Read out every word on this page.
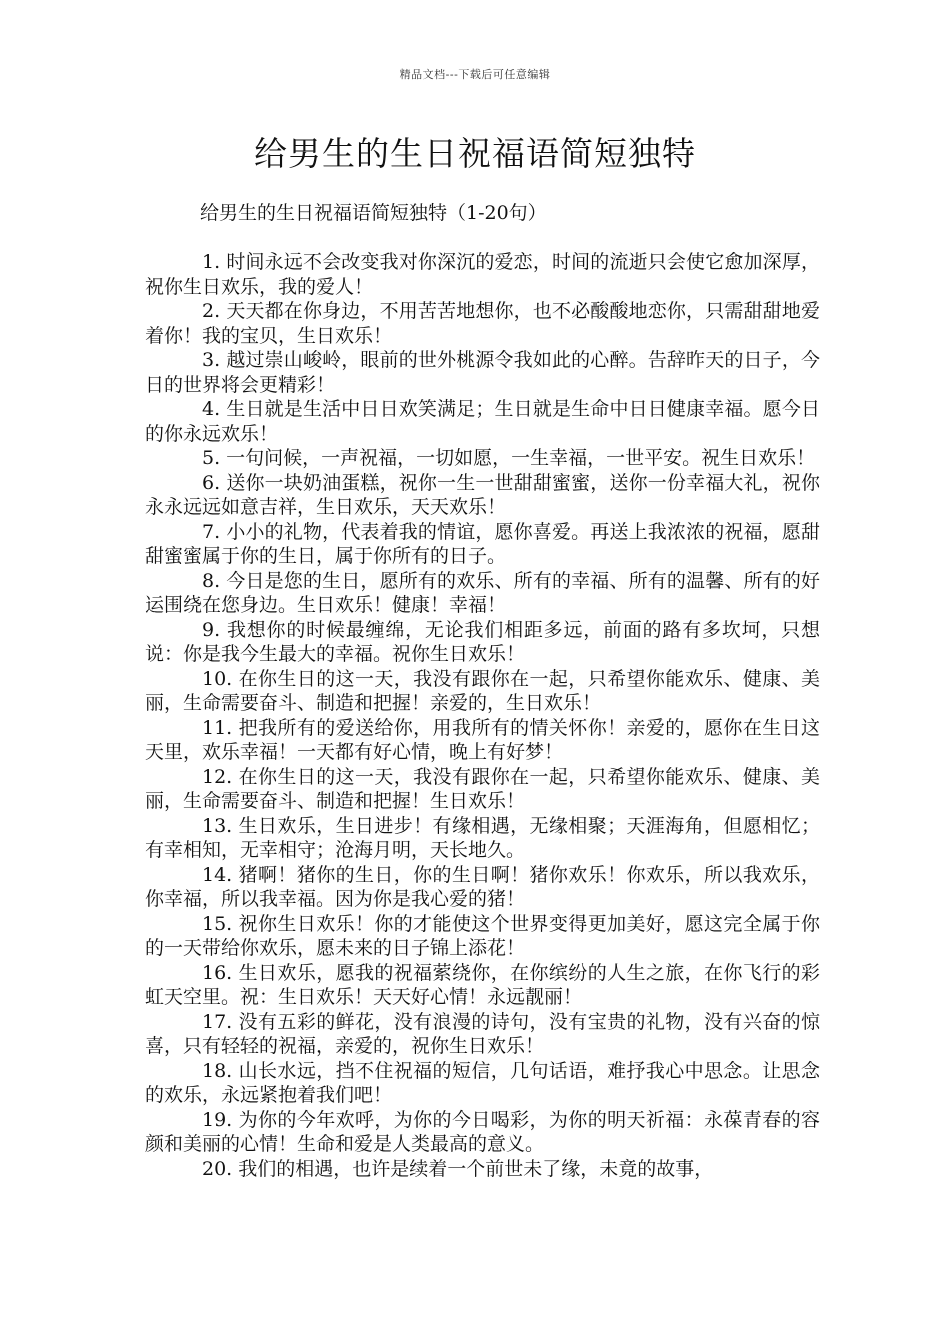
精品文档---下载后可任意编辑
给男生的生日祝福语简短独特

给男生的生日祝福语简短独特（1-20句）

1. 时间永远不会改变我对你深沉的爱恋，时间的流逝只会使它愈加深厚，祝你生日欢乐，我的爱人！
2. 天天都在你身边，不用苦苦地想你，也不必酸酸地恋你，只需甜甜地爱着你！我的宝贝，生日欢乐！
3. 越过崇山峻岭，眼前的世外桃源令我如此的心醉。告辞昨天的日子，今日的世界将会更精彩！
4. 生日就是生活中日日欢笑满足；生日就是生命中日日健康幸福。愿今日的你永远欢乐！
5. 一句问候，一声祝福，一切如愿，一生幸福，一世平安。祝生日欢乐！
6. 送你一块奶油蛋糕，祝你一生一世甜甜蜜蜜，送你一份幸福大礼，祝你永永远远如意吉祥，生日欢乐，天天欢乐！
7. 小小的礼物，代表着我的情谊，愿你喜爱。再送上我浓浓的祝福，愿甜甜蜜蜜属于你的生日，属于你所有的日子。
8. 今日是您的生日，愿所有的欢乐、所有的幸福、所有的温馨、所有的好运围绕在您身边。生日欢乐！健康！幸福！
9. 我想你的时候最缠绵，无论我们相距多远，前面的路有多坎坷，只想说：你是我今生最大的幸福。祝你生日欢乐！
10. 在你生日的这一天，我没有跟你在一起，只希望你能欢乐、健康、美丽，生命需要奋斗、制造和把握！亲爱的，生日欢乐！
11. 把我所有的爱送给你，用我所有的情关怀你！亲爱的，愿你在生日这天里，欢乐幸福！一天都有好心情，晚上有好梦！
12. 在你生日的这一天，我没有跟你在一起，只希望你能欢乐、健康、美丽，生命需要奋斗、制造和把握！生日欢乐！
13. 生日欢乐，生日进步！有缘相遇，无缘相聚；天涯海角，但愿相忆；有幸相知，无幸相守；沧海月明，天长地久。
14. 猪啊！猪你的生日，你的生日啊！猪你欢乐！你欢乐，所以我欢乐，你幸福，所以我幸福。因为你是我心爱的猪！
15. 祝你生日欢乐！你的才能使这个世界变得更加美好，愿这完全属于你的一天带给你欢乐，愿未来的日子锦上添花！
16. 生日欢乐，愿我的祝福萦绕你，在你缤纷的人生之旅，在你飞行的彩虹天空里。祝：生日欢乐！天天好心情！永远靓丽！
17. 没有五彩的鲜花，没有浪漫的诗句，没有宝贵的礼物，没有兴奋的惊喜，只有轻轻的祝福，亲爱的，祝你生日欢乐！
18. 山长水远，挡不住祝福的短信，几句话语，难抒我心中思念。让思念的欢乐，永远紧抱着我们吧！
19. 为你的今年欢呼，为你的今日喝彩，为你的明天祈福：永葆青春的容颜和美丽的心情！生命和爱是人类最高的意义。
20. 我们的相遇，也许是续着一个前世未了缘，未竟的故事，
